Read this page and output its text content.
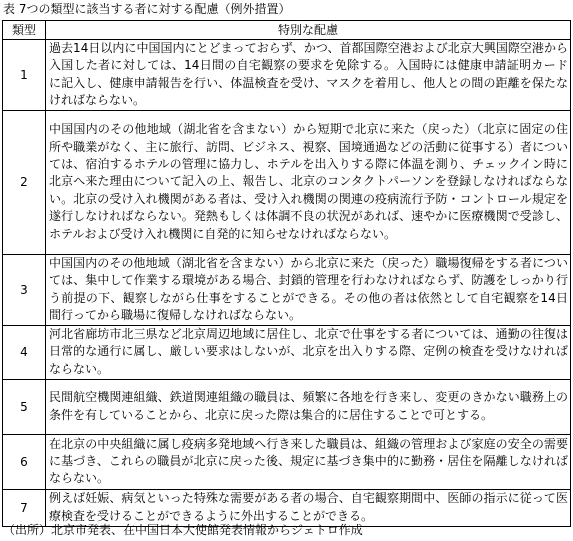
表 7つの類型に該当する者に対する配慮（例外措置）
類型	特別な配慮
1	過去14日以内に中国国内にとどまっておらず、かつ、首都国際空港および北京大興国際空港から入国した者に対しては、14日間の自宅観察の要求を免除する。入国時には健康申請証明カードに記入し、健康申請報告を行い、体温検査を受け、マスクを着用し、他人との間の距離を保たなければならない。
2	中国国内のその他地域（湖北省を含まない）から短期で北京に来た（戻った）（北京に固定の住所や職業がなく、主に旅行、訪問、ビジネス、視察、国境通過などの活動に従事する）者については、宿泊するホテルの管理に協力し、ホテルを出入りする際に体温を測り、チェックイン時に北京へ来た理由について記入の上、報告し、北京のコンタクトパーソンを登録しなければならない。北京の受け入れ機関がある者は、受け入れ機関の関連の疫病流行予防・コントロール規定を遂行しなければならない。発熱もしくは体調不良の状況があれば、速やかに医療機関で受診し、ホテルおよび受け入れ機関に自発的に知らせなければならない。
3	中国国内のその他地域（湖北省を含まない）から北京に来た（戻った）職場復帰をする者については、集中して作業する環境がある場合、封鎖的管理を行わなければならず、防護をしっかり行う前提の下、観察しながら仕事をすることができる。その他の者は依然として自宅観察を14日間行ってから職場に復帰しなければならない。
4	河北省廊坊市北三県など北京周辺地域に居住し、北京で仕事をする者については、通勤の往復は日常的な通行に属し、厳しい要求はしないが、北京を出入りする際、定例の検査を受けなければならない。
5	民間航空機関連組織、鉄道関連組織の職員は、頻繁に各地を行き来し、変更のきかない職務上の条件を有していることから、北京に戻った際は集合的に居住することで可とする。
6	在北京の中央組織に属し疫病多発地域へ行き来した職員は、組織の管理および家庭の安全の需要に基づき、これらの職員が北京に戻った後、規定に基づき集中的に勤務・居住を隔離しなければならない。
7	例えば妊娠、病気といった特殊な需要がある者の場合、自宅観察期間中、医師の指示に従って医療検査を受けることができるように外出することができる。
（出所）北京市発表、在中国日本大使館発表情報からジェトロ作成
